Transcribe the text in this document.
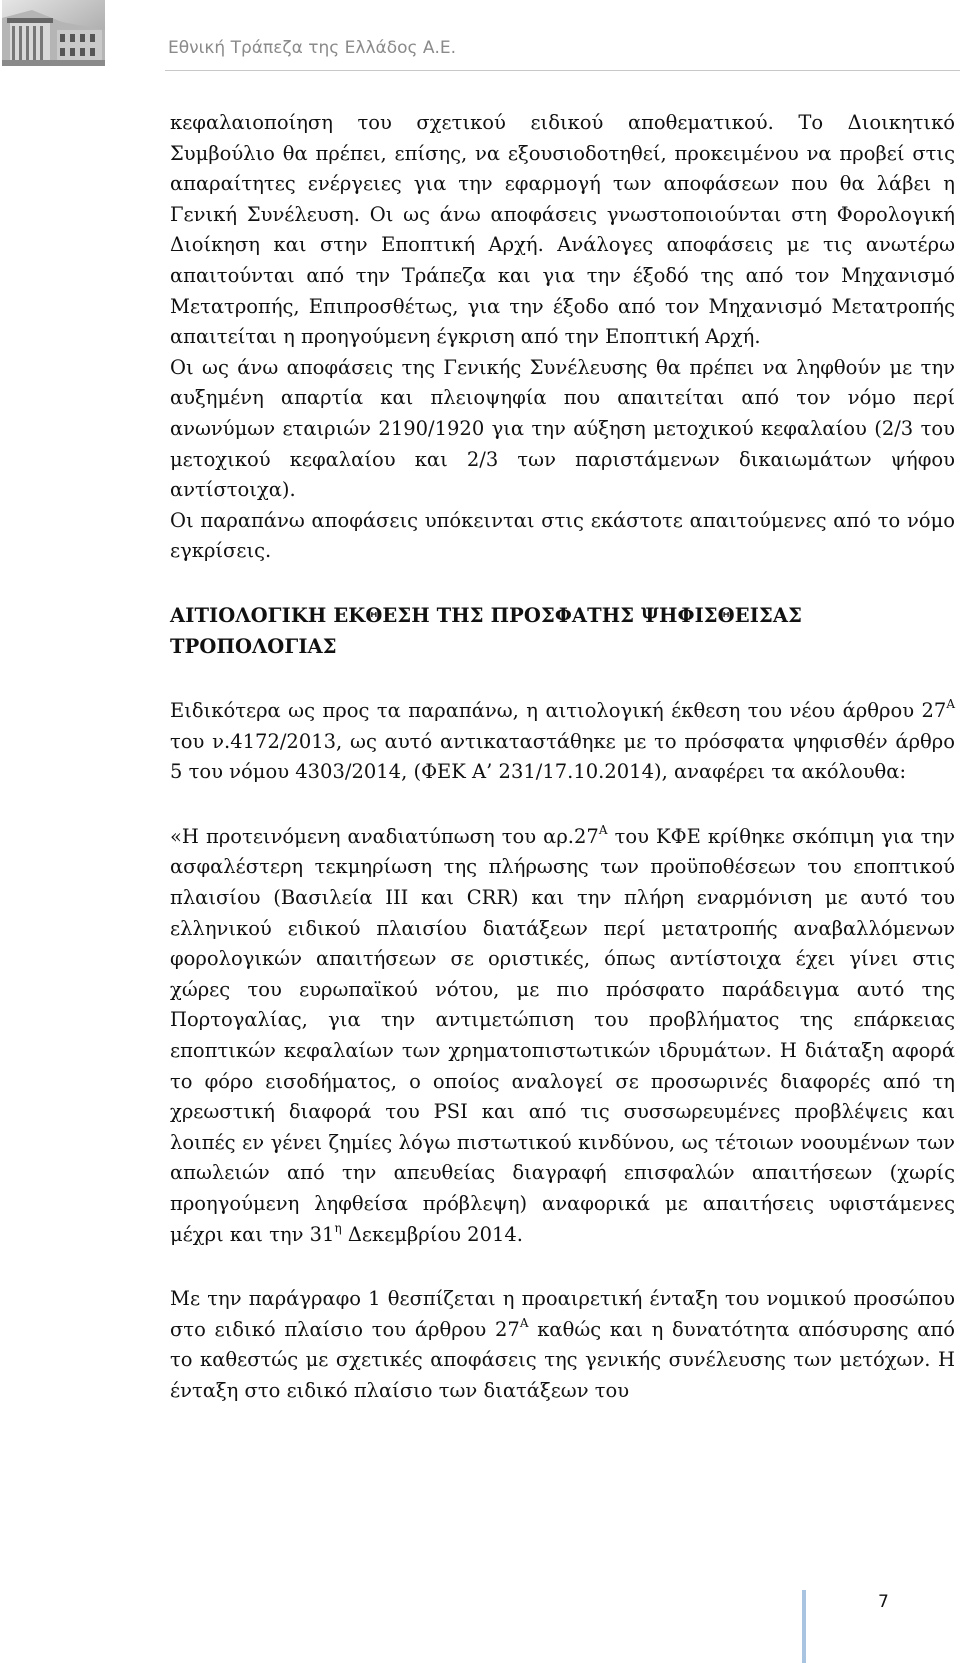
Εθνική Τράπεζα της Ελλάδος Α.Ε.

κεφαλαιοποίηση του σχετικού ειδικού αποθεματικού. Το Διοικητικό Συμβούλιο θα πρέπει, επίσης, να εξουσιοδοτηθεί, προκειμένου να προβεί στις απαραίτητες ενέργειες για την εφαρμογή των αποφάσεων που θα λάβει η Γενική Συνέλευση. Οι ως άνω αποφάσεις γνωστοποιούνται στη Φορολογική Διοίκηση και στην Εποπτική Αρχή. Ανάλογες αποφάσεις με τις ανωτέρω απαιτούνται από την Τράπεζα και για την έξοδό της από τον Μηχανισμό Μετατροπής, Επιπροσθέτως, για την έξοδο από τον Μηχανισμό Μετατροπής απαιτείται η προηγούμενη έγκριση από την Εποπτική Αρχή.

Οι ως άνω αποφάσεις της Γενικής Συνέλευσης θα πρέπει να ληφθούν με την αυξημένη απαρτία και πλειοψηφία που απαιτείται από τον νόμο περί ανωνύμων εταιριών 2190/1920 για την αύξηση μετοχικού κεφαλαίου (2/3 του μετοχικού κεφαλαίου και 2/3 των παριστάμενων δικαιωμάτων ψήφου αντίστοιχα).

Οι παραπάνω αποφάσεις υπόκεινται στις εκάστοτε απαιτούμενες από το νόμο εγκρίσεις.

ΑΙΤΙΟΛΟΓΙΚΗ ΕΚΘΕΣΗ ΤΗΣ ΠΡΟΣΦΑΤΗΣ ΨΗΦΙΣΘΕΙΣΑΣ

ΤΡΟΠΟΛΟΓΙΑΣ

Ειδικότερα ως προς τα παραπάνω, η αιτιολογική έκθεση του νέου άρθρου $27^A$ του ν.4172/2013, ως αυτό αντικαταστάθηκε με το πρόσφατα ψηφισθέν άρθρο 5 του νόμου 4303/2014, (ΦΕΚ Α’ 231/17.10.2014), αναφέρει τα ακόλουθα:

«Η προτεινόμενη αναδιατύπωση του $\alpha\rho.27^A$ του ΚΦΕ κρίθηκε σκόπιμη για την ασφαλέστερη τεκμηρίωση της πλήρωσης των προϋποθέσεων του εποπτικού πλαισίου (Βασιλεία ΙΙΙ και CRR) και την πλήρη εναρμόνιση με αυτό του ελληνικού ειδικού πλαισίου διατάξεων περί μετατροπής αναβαλλόμενων φορολογικών απαιτήσεων σε οριστικές, όπως αντίστοιχα έχει γίνει στις χώρες του ευρωπαϊκού νότου, με πιο πρόσφατο παράδειγμα αυτό της Πορτογαλίας, για την αντιμετώπιση του προβλήματος της επάρκειας εποπτικών κεφαλαίων των χρηματοπιστωτικών ιδρυμάτων. Η διάταξη αφορά το φόρο εισοδήματος, ο οποίος αναλογεί σε προσωρινές διαφορές από τη χρεωστική διαφορά του PSI και από τις συσσωρευμένες προβλέψεις και λοιπές εν γένει ζημίες λόγω πιστωτικού κινδύνου, ως τέτοιων νοουμένων των απωλειών από την απευθείας διαγραφή επισφαλών απαιτήσεων (χωρίς προηγούμενη ληφθείσα πρόβλεψη) αναφορικά με απαιτήσεις υφιστάμενες μέχρι και την $31^\eta$ Δεκεμβρίου 2014.

Με την παράγραφο 1 θεσπίζεται η προαιρετική ένταξη του νομικού προσώπου στο ειδικό πλαίσιο του άρθρου $27^A$ καθώς και η δυνατότητα απόσυρσης από το καθεστώς με σχετικές αποφάσεις της γενικής συνέλευσης των μετόχων. Η ένταξη στο ειδικό πλαίσιο των διατάξεων του

7
